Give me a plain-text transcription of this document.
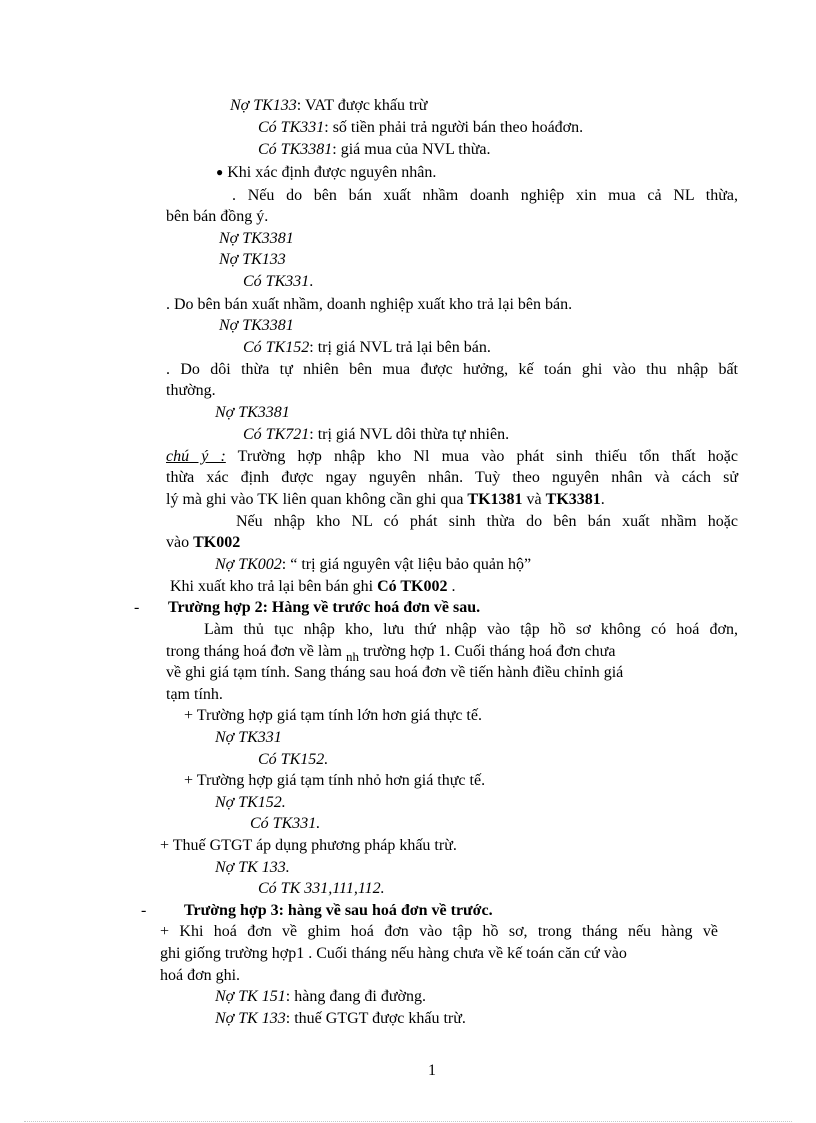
Nợ TK133: VAT được khấu trừ
Có TK331: số tiền phải trả người bán theo hoáđơn.
Có TK3381: giá mua của NVL thừa.
● Khi xác định được nguyên nhân.
. Nếu do bên bán xuất nhầm doanh nghiệp xin mua cả NL thừa,
bên bán đồng ý.
Nợ TK3381
Nợ TK133
Có TK331.
. Do bên bán xuất nhầm, doanh nghiệp xuất kho trả lại bên bán.
Nợ TK3381
Có TK152: trị giá NVL trả lại bên bán.
. Do dôi thừa tự nhiên bên mua được hưởng, kế toán ghi vào thu nhập bất
thường.
Nợ TK3381
Có TK721: trị giá NVL dôi thừa tự nhiên.
chú ý : Trường hợp nhập kho Nl mua vào phát sinh thiếu tổn thất hoặc
thừa xác định được ngay nguyên nhân. Tuỳ theo nguyên nhân và cách sử
lý mà ghi vào TK liên quan không cần ghi qua TK1381 và TK3381.
Nếu nhập kho NL có phát sinh thừa do bên bán xuất nhầm hoặc
vào TK002
Nợ TK002: “ trị giá nguyên vật liệu bảo quản hộ”
Khi xuất kho trả lại bên bán ghi Có TK002 .
- Trường hợp 2: Hàng về trước hoá đơn về sau.
Làm thủ tục nhập kho, lưu thứ nhập vào tập hồ sơ không có hoá đơn,
trong tháng hoá đơn về làm $_{nh}$ trường hợp 1. Cuối tháng hoá đơn chưa
về ghi giá tạm tính. Sang tháng sau hoá đơn về tiến hành điều chỉnh giá
tạm tính.
+ Trường hợp giá tạm tính lớn hơn giá thực tế.
Nợ TK331
Có TK152.
+ Trường hợp giá tạm tính nhỏ hơn giá thực tế.
Nợ TK152.
Có TK331.
+ Thuế GTGT áp dụng phương pháp khấu trừ.
Nợ TK 133.
Có TK 331,111,112.
- Trường hợp 3: hàng về sau hoá đơn về trước.
+ Khi hoá đơn về ghim hoá đơn vào tập hồ sơ, trong tháng nếu hàng về
ghi giống trường hợp1 . Cuối tháng nếu hàng chưa về kế toán căn cứ vào
hoá đơn ghi.
Nợ TK 151: hàng đang đi đường.
Nợ TK 133: thuế GTGT được khấu trừ.
1
